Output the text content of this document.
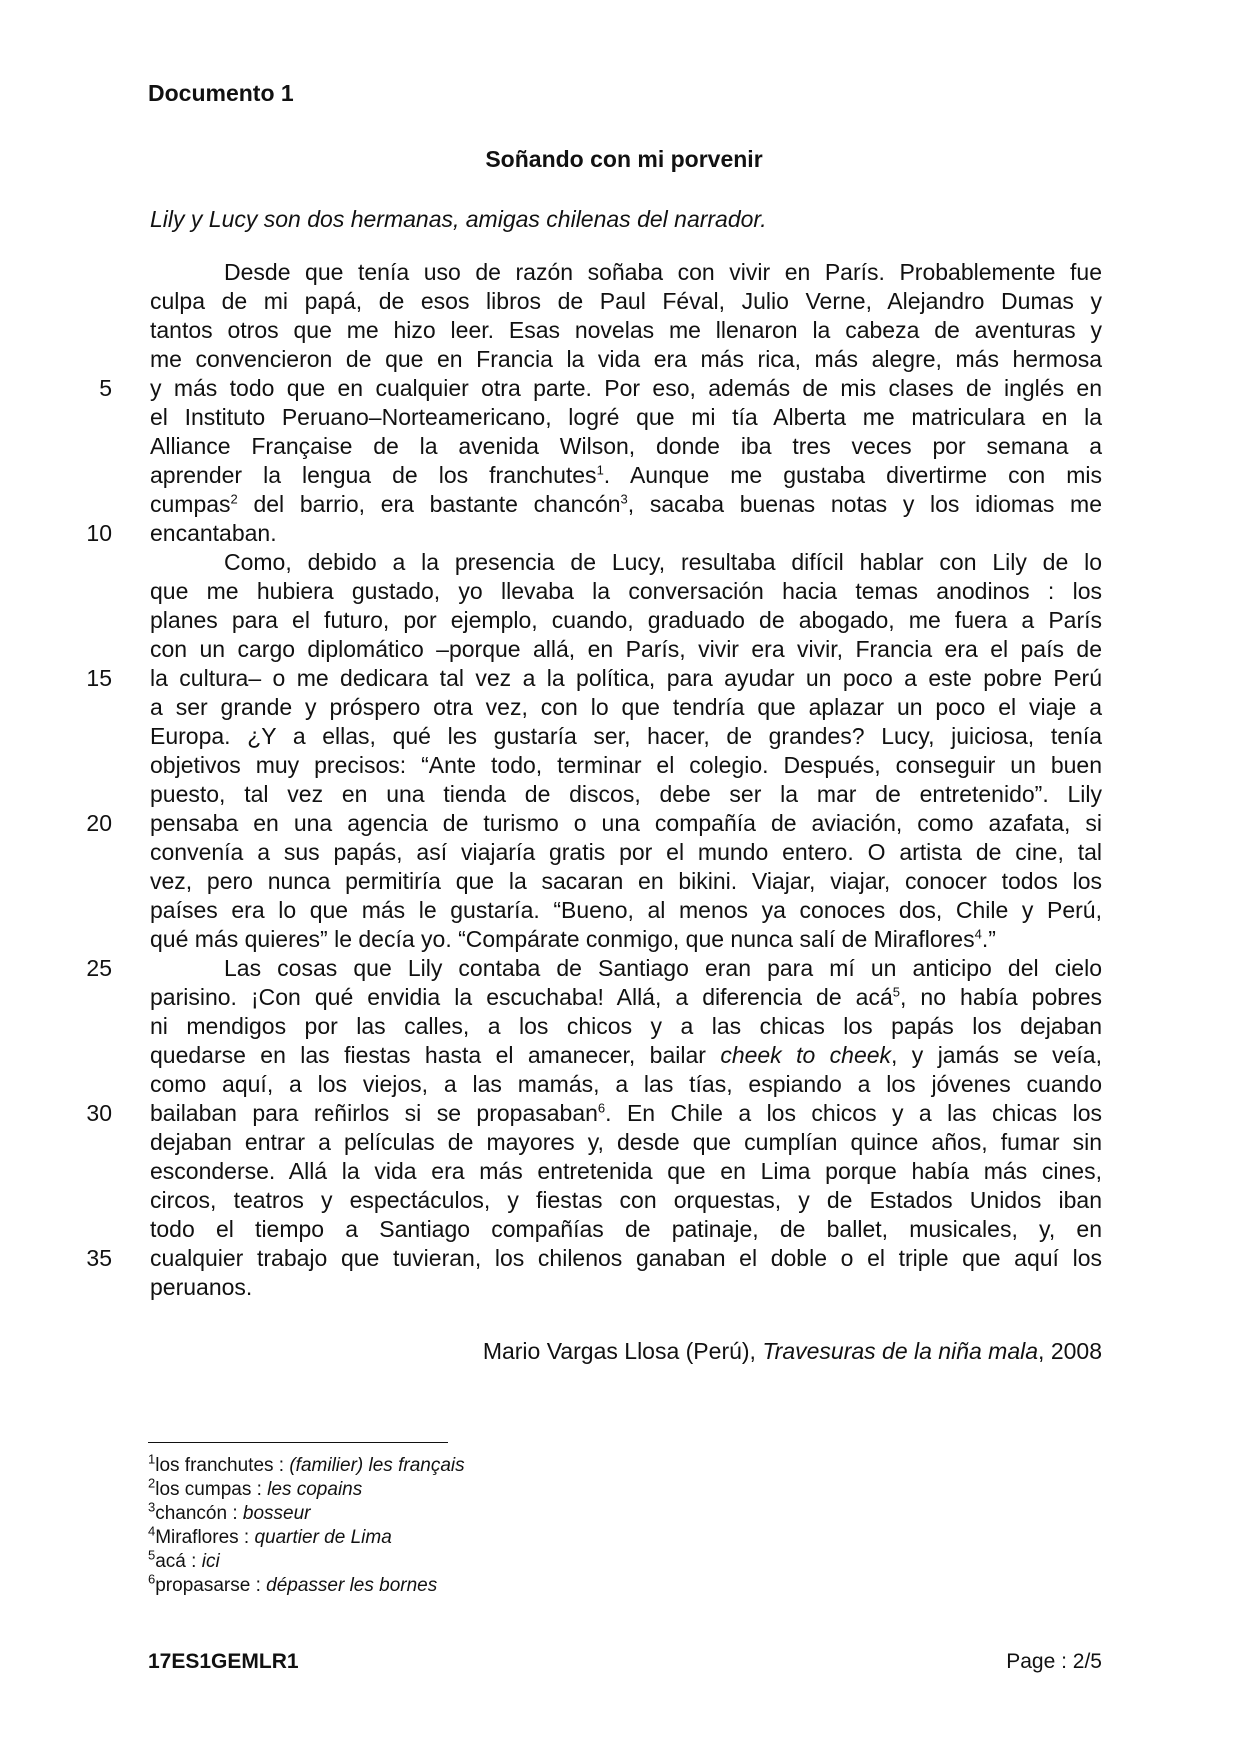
Documento 1
Soñando con mi porvenir
Lily y Lucy son dos hermanas, amigas chilenas del narrador.
Desde que tenía uso de razón soñaba con vivir en París. Probablemente fue
culpa de mi papá, de esos libros de Paul Féval, Julio Verne, Alejandro Dumas y
tantos otros que me hizo leer. Esas novelas me llenaron la cabeza de aventuras y
me convencieron de que en Francia la vida era más rica, más alegre, más hermosa
y más todo que en cualquier otra parte. Por eso, además de mis clases de inglés en
el Instituto Peruano‒Norteamericano, logré que mi tía Alberta me matriculara en la
Alliance Française de la avenida Wilson, donde iba tres veces por semana a
aprender la lengua de los franchutes$^1$. Aunque me gustaba divertirme con mis
cumpas$^2$ del barrio, era bastante chancón$^3$, sacaba buenas notas y los idiomas me
encantaban.
Como, debido a la presencia de Lucy, resultaba difícil hablar con Lily de lo
que me hubiera gustado, yo llevaba la conversación hacia temas anodinos : los
planes para el futuro, por ejemplo, cuando, graduado de abogado, me fuera a París
con un cargo diplomático ‒porque allá, en París, vivir era vivir, Francia era el país de
la cultura‒ o me dedicara tal vez a la política, para ayudar un poco a este pobre Perú
a ser grande y próspero otra vez, con lo que tendría que aplazar un poco el viaje a
Europa. ¿Y a ellas, qué les gustaría ser, hacer, de grandes? Lucy, juiciosa, tenía
objetivos muy precisos: “Ante todo, terminar el colegio. Después, conseguir un buen
puesto, tal vez en una tienda de discos, debe ser la mar de entretenido”. Lily
pensaba en una agencia de turismo o una compañía de aviación, como azafata, si
convenía a sus papás, así viajaría gratis por el mundo entero. O artista de cine, tal
vez, pero nunca permitiría que la sacaran en bikini. Viajar, viajar, conocer todos los
países era lo que más le gustaría. “Bueno, al menos ya conoces dos, Chile y Perú,
qué más quieres” le decía yo. “Compárate conmigo, que nunca salí de Miraflores$^4$.”
Las cosas que Lily contaba de Santiago eran para mí un anticipo del cielo
parisino. ¡Con qué envidia la escuchaba! Allá, a diferencia de acá$^5$, no había pobres
ni mendigos por las calles, a los chicos y a las chicas los papás los dejaban
quedarse en las fiestas hasta el amanecer, bailar cheek to cheek, y jamás se veía,
como aquí, a los viejos, a las mamás, a las tías, espiando a los jóvenes cuando
bailaban para reñirlos si se propasaban$^6$. En Chile a los chicos y a las chicas los
dejaban entrar a películas de mayores y, desde que cumplían quince años, fumar sin
esconderse. Allá la vida era más entretenida que en Lima porque había más cines,
circos, teatros y espectáculos, y fiestas con orquestas, y de Estados Unidos iban
todo el tiempo a Santiago compañías de patinaje, de ballet, musicales, y, en
cualquier trabajo que tuvieran, los chilenos ganaban el doble o el triple que aquí los
peruanos.
5
10
15
20
25
30
35
Mario Vargas Llosa (Perú), Travesuras de la niña mala, 2008
$^1$los franchutes : (familier) les français
$^2$los cumpas : les copains
$^3$chancón : bosseur
$^4$Miraflores : quartier de Lima
$^5$acá : ici
$^6$propasarse : dépasser les bornes
17ES1GEMLR1	Page : 2/5
